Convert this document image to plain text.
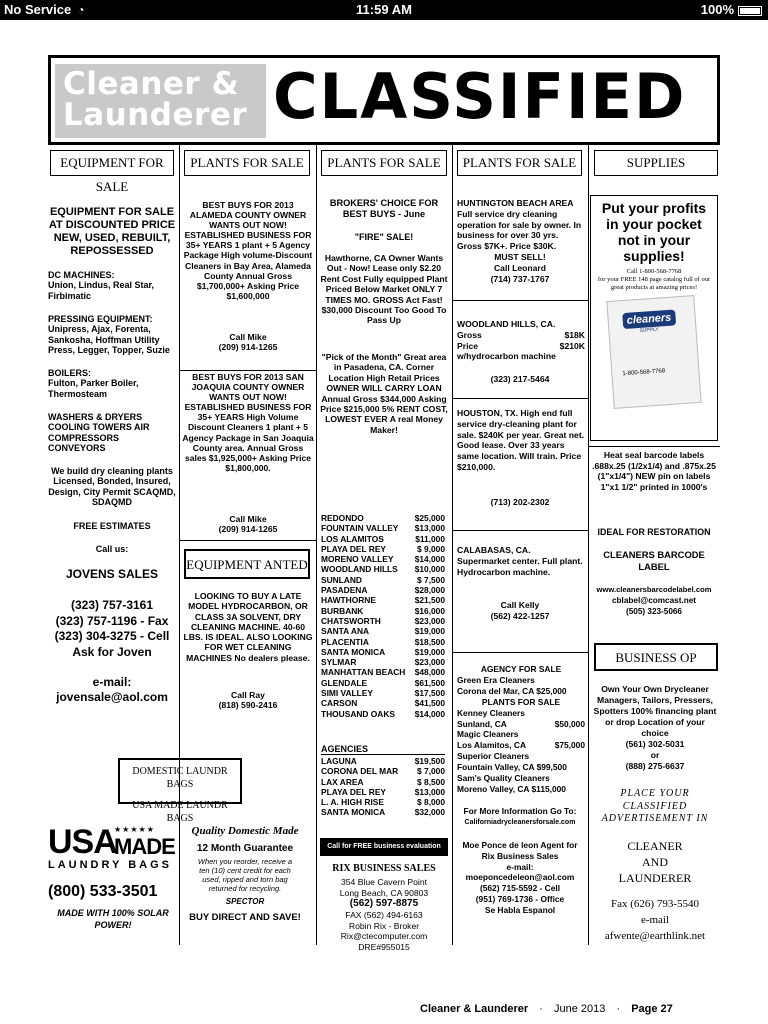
No Service ◔	11:59 AM	100%
Cleaner &
Launderer CLASSIFIED
EQUIPMENT FOR SALE
PLANTS FOR SALE	PLANTS FOR SALE	PLANTS FOR SALE	SUPPLIES
EQUIPMENT FOR SALE AT DISCOUNTED PRICE NEW, USED, REBUILT, REPOSSESSED
DC MACHINES:
Union, Lindus, Real Star, Firbimatic
PRESSING EQUIPMENT:
Unipress, Ajax, Forenta, Sankosha, Hoffman Utility Press, Legger, Topper, Suzie
BOILERS:
Fulton, Parker Boiler, Thermosteam
WASHERS & DRYERS COOLING TOWERS AIR COMPRESSORS CONVEYORS
We build dry cleaning plants Licensed, Bonded, Insured, Design, City Permit SCAQMD, SDAQMD
FREE ESTIMATES
Call us:
JOVENS SALES
(323) 757-3161
(323) 757-1196 - Fax
(323) 304-3275 - Cell
Ask for Joven
e-mail:
jovensale@aol.com
BEST BUYS FOR 2013 ALAMEDA COUNTY OWNER WANTS OUT NOW! ESTABLISHED BUSINESS FOR 35+ YEARS 1 plant + 5 Agency Package High volume-Discount Cleaners in Bay Area, Alameda County Annual Gross $1,700,000+ Asking Price $1,600,000
Call Mike
(209) 914-1265
BEST BUYS FOR 2013 SAN JOAQUIA COUNTY OWNER WANTS OUT NOW! ESTABLISHED BUSINESS FOR 35+ YEARS High Volume Discount Cleaners 1 plant + 5 Agency Package in San Joaquia County area. Annual Gross sales $1,925,000+ Asking Price $1,800,000.
Call Mike
(209) 914-1265
EQUIPMENT ANTED
LOOKING TO BUY A LATE MODEL HYDROCARBON, OR CLASS 3A SOLVENT, DRY CLEANING MACHINE. 40-60 LBS. IS IDEAL. ALSO LOOKING FOR WET CLEANING MACHINES No dealers please.
Call Ray
(818) 590-2416
DOMESTIC LAUNDR BAGS
USA MADE LAUNDR BAGS
USA
★★★★★
MADE
LAUNDRY BAGS
(800) 533-3501
MADE WITH 100% SOLAR POWER!
Quality Domestic Made
12 Month Guarantee
When you reorder, receive a ten (10) cent credit for each used, ripped and torn bag returned for recycling.
SPECTOR
BUY DIRECT AND SAVE!
BROKERS' CHOICE FOR BEST BUYS - June
"FIRE" SALE!
Hawthorne, CA Owner Wants Out - Now! Lease only $2.20 Rent Cost Fully equipped Plant Priced Below Market ONLY 7 TIMES MO. GROSS Act Fast! $30,000 Discount Too Good To Pass Up
"Pick of the Month" Great area in Pasadena, CA. Corner Location High Retail Prices OWNER WILL CARRY LOAN Annual Gross $344,000 Asking Price $215,000 5% RENT COST, LOWEST EVER A real Money Maker!
REDONDO	$25,000
FOUNTAIN VALLEY $13,000
LOS ALAMITOS	$11,000
PLAYA DEL REY	$ 9,000
MORENO VALLEY	$14,000
WOODLAND HILLS $10,000
SUNLAND	$ 7,500
PASADENA	$28,000
HAWTHORNE	$21,500
BURBANK	$16,000
CHATSWORTH	$23,000
SANTA ANA	$19,000
PLACENTIA	$18,500
SANTA MONICA	$19,000
SYLMAR	$23,000
MANHATTAN BEACH $48,000
GLENDALE	$61,500
SIMI VALLEY	$17,500
CARSON	$41,500
THOUSAND OAKS $14,000
AGENCIES
LAGUNA	$19,500
CORONA DEL MAR $ 7,000
LAX AREA	$ 8,500
PLAYA DEL REY	$13,000
L. A. HIGH RISE	$ 8,000
SANTA MONICA	$32,000
Call for FREE business evaluation
RIX BUSINESS SALES
354 Blue Cavern Point
Long Beach, CA 90803
(562) 597-8875
FAX (562) 494-6163
Robin Rix - Broker
Rix@ctecomputer.com
DRE#955015
HUNTINGTON BEACH AREA Full service dry cleaning operation for sale by owner. In business for over 30 yrs. Gross $7K+. Price $30K.
MUST SELL!
Call Leonard
(714) 737-1767
WOODLAND HILLS, CA.
Gross	$18K
Price	$210K
w/hydrocarbon machine
(323) 217-5464
HOUSTON, TX. High end full service dry-cleaning plant for sale. $240K per year. Great net. Good lease. Over 33 years same location. Will train. Price $210,000.
(713) 202-2302
CALABASAS, CA. Supermarket center. Full plant. Hydrocarbon machine.
Call Kelly
(562) 422-1257
AGENCY FOR SALE
Green Era Cleaners
Corona del Mar, CA $25,000
PLANTS FOR SALE
Kenney Cleaners
Sunland, CA	$50,000
Magic Cleaners
Los Alamitos, CA	$75,000
Superior Cleaners
Fountain Valley, CA $99,500
Sam's Quality Cleaners
Moreno Valley, CA $115,000
For More Information Go To:
Californiadrycleanersforsale.com
Moe Ponce de leon Agent for Rix Business Sales
e-mail:
moeponcedeleon@aol.com
(562) 715-5592 - Cell
(951) 769-1736 - Office
Se Habla Espanol
Put your profits in your pocket not in your supplies!
Call 1-800-568-7768
for your FREE 148 page catalog full of our great products at amazing prices!
cleaners
SUPPLY
1-800-568-7768
Heat seal barcode labels .688x.25 (1/2x1/4) and .875x.25 (1"x1/4") NEW pin on labels 1"x1 1/2" printed in 1000's
IDEAL FOR RESTORATION
CLEANERS BARCODE LABEL
www.cleanersbarcodelabel.com
cblabel@comcast.net
(505) 323-5066
BUSINESS OP
Own Your Own Drycleaner Managers, Tailors, Pressers, Spotters 100% financing plant or drop Location of your choice
(561) 302-5031
or
(888) 275-6637
PLACE YOUR CLASSIFIED ADVERTISEMENT IN
CLEANER
AND
LAUNDERER
Fax (626) 793-5540
e-mail
afwente@earthlink.net
Cleaner & Launderer · June 2013 · Page 27
